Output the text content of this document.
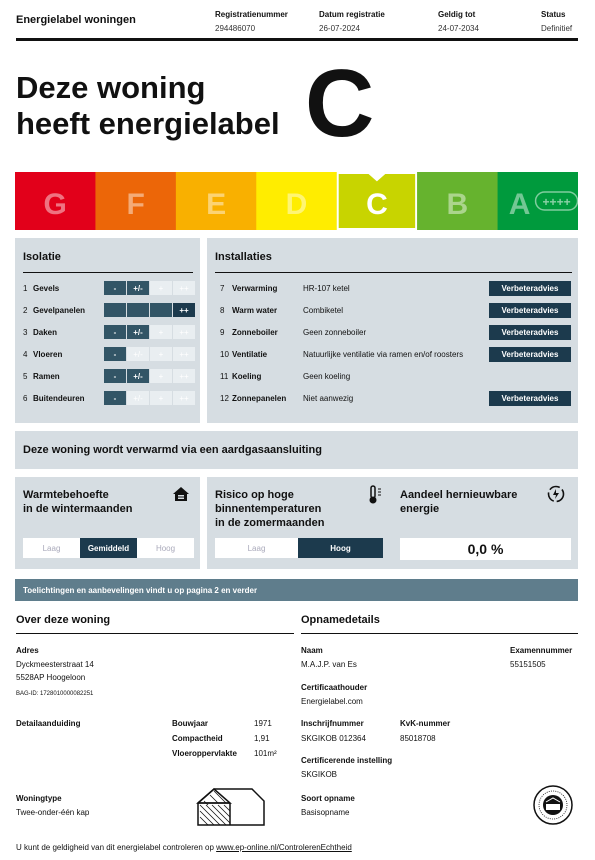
Energielabel woningen	Registratienummer
294486070
Datum registratie
26-07-2024
Geldig tot
24-07-2034
Status
Definitief
Deze woning
heeft energielabel C
G F E D C B A ++++
Isolatie
1 Gevels	-	+/-	+	++
2 Gevelpanelen	++
3 Daken	-	+/-	+	++
4 Vloeren	-	+/-	+	++
5 Ramen	-	+/-	+	++
6 Buitendeuren	-	+/-	+	++
Installaties
7 Verwarming	HR-107 ketel	Verbeteradvies
8 Warm water	Combiketel	Verbeteradvies
9 Zonneboiler	Geen zonneboiler	Verbeteradvies
10 Ventilatie	Natuurlijke ventilatie via ramen en/of roosters	Verbeteradvies
11 Koeling	Geen koeling
12 Zonnepanelen Niet aanwezig	Verbeteradvies
Deze woning wordt verwarmd via een aardgasaansluiting
Warmtebehoefte
in de wintermaanden
Laag	Gemiddeld	Hoog
Risico op hoge
binnentemperaturen
in de zomermaanden
Laag	Hoog
Aandeel hernieuwbare
energie
0,0 %
Toelichtingen en aanbevelingen vindt u op pagina 2 en verder
Over deze woning
Adres
Dyckmeesterstraat 14
5528AP Hoogeloon
BAG-ID: 1728010000082251
Detailaanduiding	Bouwjaar	1971
Compactheid	1,91
Vloeroppervlakte 101m²
Woningtype
Twee-onder-één kap
Opnamedetails
Naam
M.A.J.P. van Es
Examennummer
55151505
Certificaathouder
Energielabel.com
Inschrijfnummer
SKGIKOB 012364
KvK-nummer
85018708
Certificerende instelling
SKGIKOB
Soort opname
Basisopname
U kunt de geldigheid van dit energielabel controleren op www.ep-online.nl/ControlerenEchtheid
